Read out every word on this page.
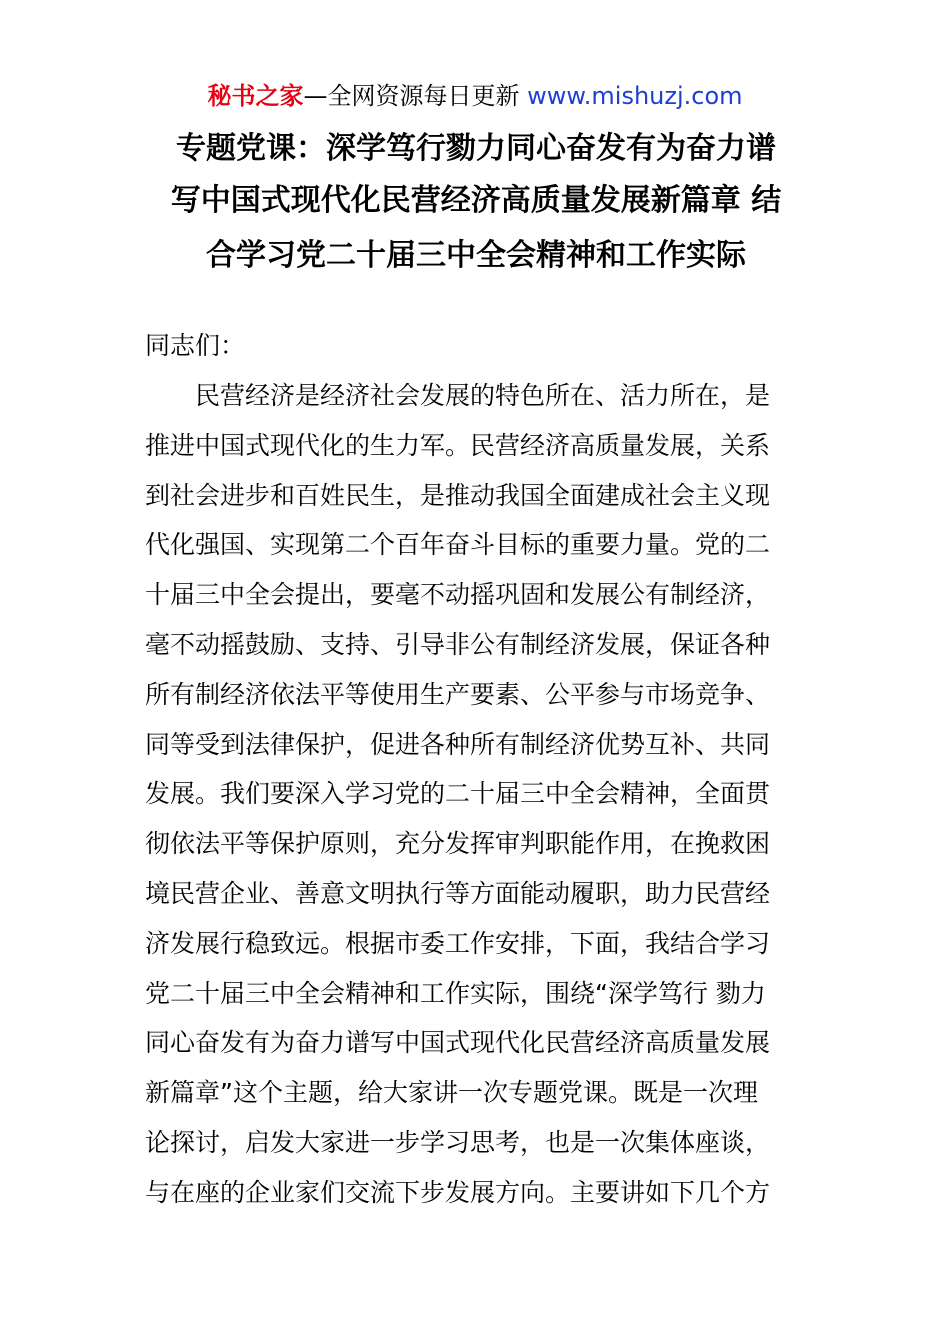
秘书之家—全网资源每日更新 www.mishuzj.com
专题党课：深学笃行勠力同心奋发有为奋力谱
写中国式现代化民营经济高质量发展新篇章 结
合学习党二十届三中全会精神和工作实际
同志们：
民营经济是经济社会发展的特色所在、活力所在，是
推进中国式现代化的生力军。民营经济高质量发展，关系
到社会进步和百姓民生，是推动我国全面建成社会主义现
代化强国、实现第二个百年奋斗目标的重要力量。党的二
十届三中全会提出，要毫不动摇巩固和发展公有制经济，
毫不动摇鼓励、支持、引导非公有制经济发展，保证各种
所有制经济依法平等使用生产要素、公平参与市场竞争、
同等受到法律保护，促进各种所有制经济优势互补、共同
发展。我们要深入学习党的二十届三中全会精神，全面贯
彻依法平等保护原则，充分发挥审判职能作用，在挽救困
境民营企业、善意文明执行等方面能动履职，助力民营经
济发展行稳致远。根据市委工作安排，下面，我结合学习
党二十届三中全会精神和工作实际，围绕“深学笃行 勠力
同心奋发有为奋力谱写中国式现代化民营经济高质量发展
新篇章”这个主题，给大家讲一次专题党课。既是一次理
论探讨，启发大家进一步学习思考，也是一次集体座谈，
与在座的企业家们交流下步发展方向。主要讲如下几个方
